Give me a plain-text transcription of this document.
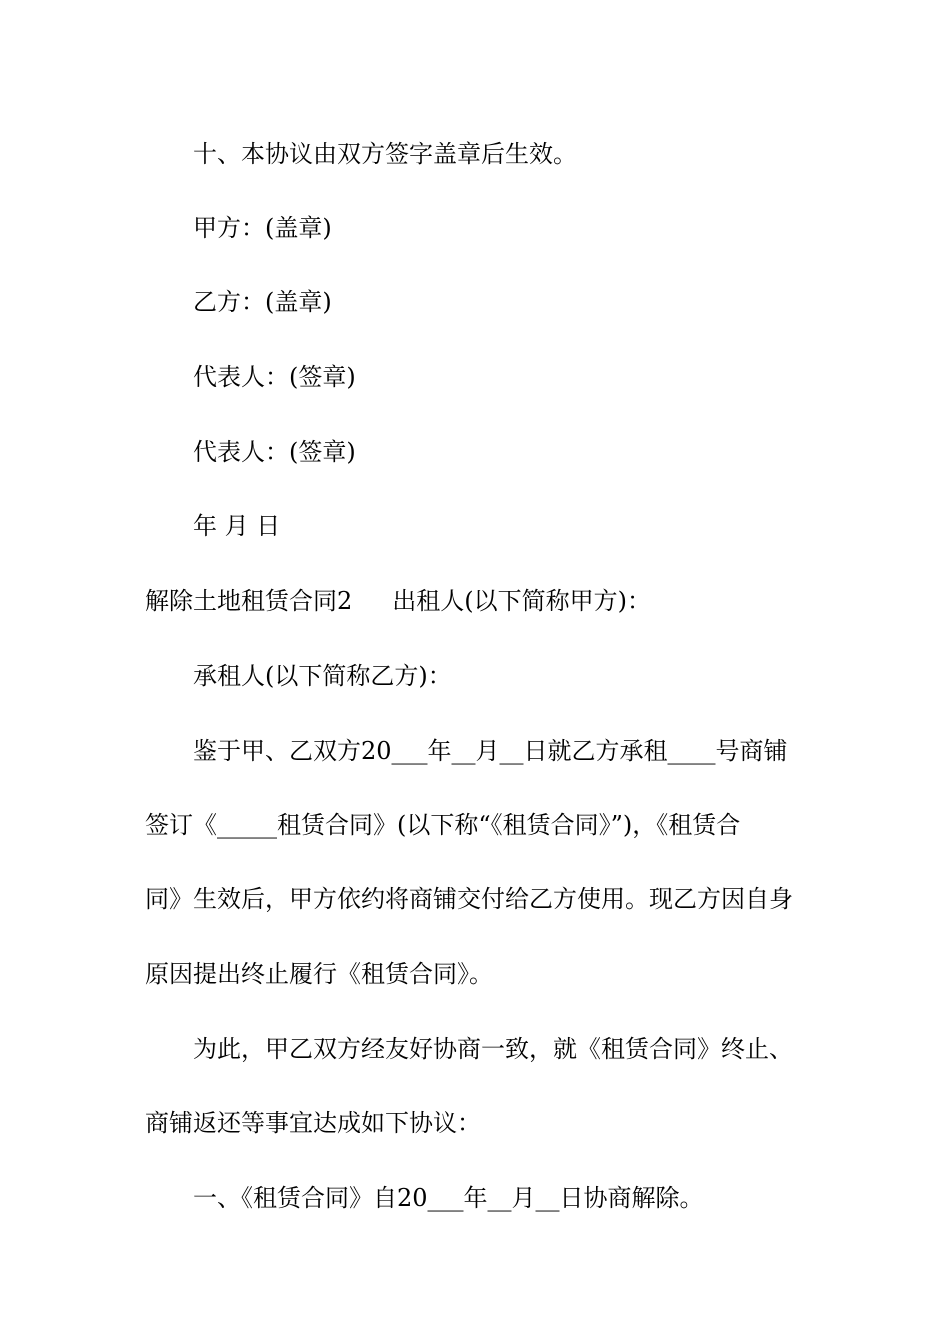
十、本协议由双方签字盖章后生效。
甲方：(盖章)
乙方：(盖章)
代表人：(签章)
代表人：(签章)
年 月 日
解除土地租赁合同2 出租人(以下简称甲方)：
承租人(以下简称乙方)：
鉴于甲、乙双方20___年__月__日就乙方承租____号商铺
签订《_____租赁合同》(以下称“《租赁合同》”)，《租赁合
同》生效后，甲方依约将商铺交付给乙方使用。现乙方因自身
原因提出终止履行《租赁合同》。
为此，甲乙双方经友好协商一致，就《租赁合同》终止、
商铺返还等事宜达成如下协议：
一、《租赁合同》自20___年__月__日协商解除。
